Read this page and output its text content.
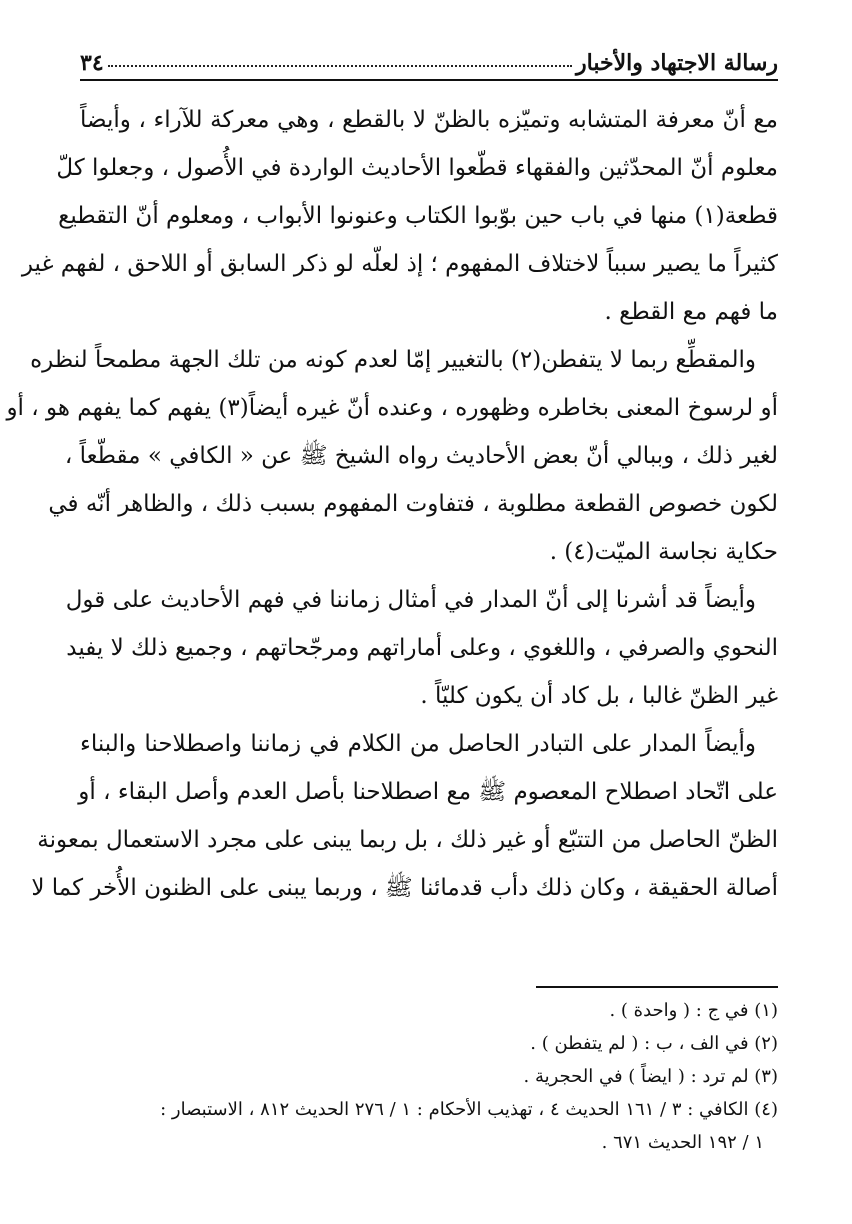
رسالة الاجتهاد والأخبار
٣٤
مع أنّ معرفة المتشابه وتميّزه بالظنّ لا بالقطع ، وهي معركة للآراء ، وأيضاً
معلوم أنّ المحدّثين والفقهاء قطّعوا الأحاديث الواردة في الأُصول ، وجعلوا كلّ
قطعة(١) منها في باب حين بوّبوا الكتاب وعنونوا الأبواب ، ومعلوم أنّ التقطيع
كثيراً ما يصير سبباً لاختلاف المفهوم ؛ إذ لعلّه لو ذكر السابق أو اللاحق ، لفهم غير
ما فهم مع القطع .
والمقطِّع ربما لا يتفطن(٢) بالتغيير إمّا لعدم كونه من تلك الجهة مطمحاً لنظره
أو لرسوخ المعنى بخاطره وظهوره ، وعنده أنّ غيره أيضاً(٣) يفهم كما يفهم هو ، أو
لغير ذلك ، وببالي أنّ بعض الأحاديث رواه الشيخ ﷺ عن « الكافي » مقطّعاً ،
لكون خصوص القطعة مطلوبة ، فتفاوت المفهوم بسبب ذلك ، والظاهر أنّه في
حكاية نجاسة الميّت(٤) .
وأيضاً قد أشرنا إلى أنّ المدار في أمثال زماننا في فهم الأحاديث على قول
النحوي والصرفي ، واللغوي ، وعلى أماراتهم ومرجّحاتهم ، وجميع ذلك لا يفيد
غير الظنّ غالبا ، بل كاد أن يكون كليّاً .
وأيضاً المدار على التبادر الحاصل من الكلام في زماننا واصطلاحنا والبناء
على اتّحاد اصطلاح المعصوم ﷺ مع اصطلاحنا بأصل العدم وأصل البقاء ، أو
الظنّ الحاصل من التتبّع أو غير ذلك ، بل ربما يبنى على مجرد الاستعمال بمعونة
أصالة الحقيقة ، وكان ذلك دأب قدمائنا ﷺ ، وربما يبنى على الظنون الأُخر كما لا
(١) في ج : ( واحدة ) .
(٢) في الف ، ب : ( لم يتفطن ) .
(٣) لم ترد : ( ايضاً ) في الحجرية .
(٤) الكافي : ٣ / ١٦١ الحديث ٤ ، تهذيب الأحكام : ١ / ٢٧٦ الحديث ٨١٢ ، الاستبصار :
١ / ١٩٢ الحديث ٦٧١ .
